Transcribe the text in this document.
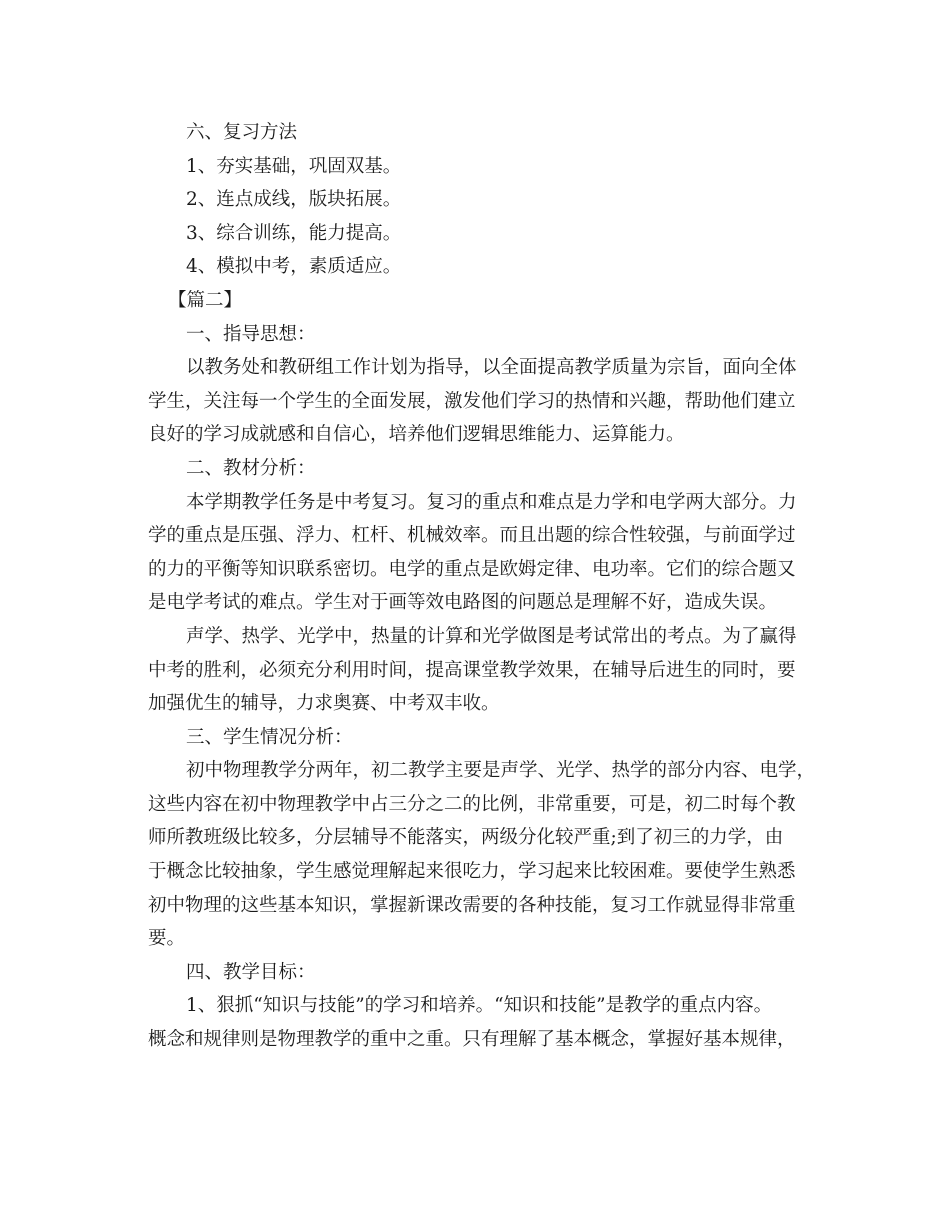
六、复习方法
1、夯实基础，巩固双基。
2、连点成线，版块拓展。
3、综合训练，能力提高。
4、模拟中考，素质适应。
【篇二】
一、指导思想：
以教务处和教研组工作计划为指导，以全面提高教学质量为宗旨，面向全体
学生，关注每一个学生的全面发展，激发他们学习的热情和兴趣，帮助他们建立
良好的学习成就感和自信心，培养他们逻辑思维能力、运算能力。
二、教材分析：
本学期教学任务是中考复习。复习的重点和难点是力学和电学两大部分。力
学的重点是压强、浮力、杠杆、机械效率。而且出题的综合性较强，与前面学过
的力的平衡等知识联系密切。电学的重点是欧姆定律、电功率。它们的综合题又
是电学考试的难点。学生对于画等效电路图的问题总是理解不好，造成失误。
声学、热学、光学中，热量的计算和光学做图是考试常出的考点。为了赢得
中考的胜利，必须充分利用时间，提高课堂教学效果，在辅导后进生的同时，要
加强优生的辅导，力求奥赛、中考双丰收。
三、学生情况分析：
初中物理教学分两年，初二教学主要是声学、光学、热学的部分内容、电学，
这些内容在初中物理教学中占三分之二的比例，非常重要，可是，初二时每个教
师所教班级比较多，分层辅导不能落实，两级分化较严重;到了初三的力学，由
于概念比较抽象，学生感觉理解起来很吃力，学习起来比较困难。要使学生熟悉
初中物理的这些基本知识，掌握新课改需要的各种技能，复习工作就显得非常重
要。
四、教学目标：
1、狠抓“知识与技能”的学习和培养。“知识和技能”是教学的重点内容。
概念和规律则是物理教学的重中之重。只有理解了基本概念，掌握好基本规律，
